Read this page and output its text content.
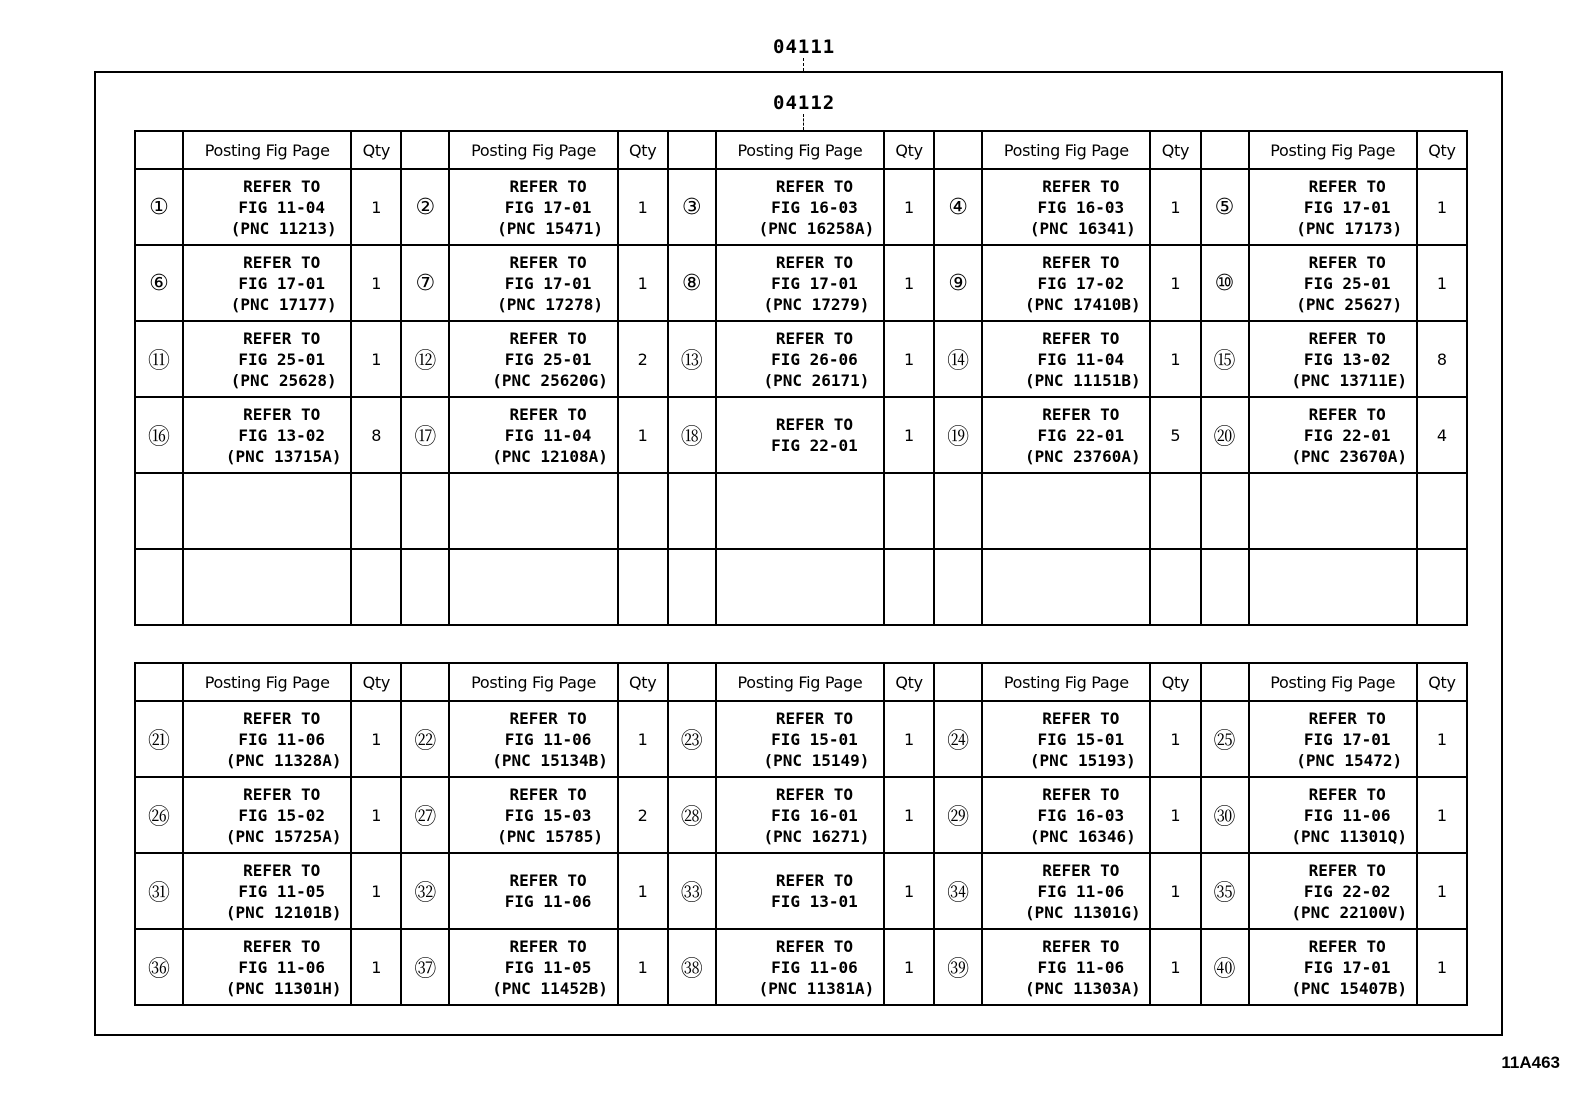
04111
04112
	Posting Fig Page	Qty		Posting Fig Page	Qty		Posting Fig Page	Qty		Posting Fig Page	Qty		Posting Fig Page	Qty
①	REFER TO
FIG 11-04
(PNC 11213)	1	②	REFER TO
FIG 17-01
(PNC 15471)	1	③	REFER TO
FIG 16-03
(PNC 16258A)	1	④	REFER TO
FIG 16-03
(PNC 16341)	1	⑤	REFER TO
FIG 17-01
(PNC 17173)	1
⑥	REFER TO
FIG 17-01
(PNC 17177)	1	⑦	REFER TO
FIG 17-01
(PNC 17278)	1	⑧	REFER TO
FIG 17-01
(PNC 17279)	1	⑨	REFER TO
FIG 17-02
(PNC 17410B)	1	⑩	REFER TO
FIG 25-01
(PNC 25627)	1
⑪	REFER TO
FIG 25-01
(PNC 25628)	1	⑫	REFER TO
FIG 25-01
(PNC 25620G)	2	⑬	REFER TO
FIG 26-06
(PNC 26171)	1	⑭	REFER TO
FIG 11-04
(PNC 11151B)	1	⑮	REFER TO
FIG 13-02
(PNC 13711E)	8
⑯	REFER TO
FIG 13-02
(PNC 13715A)	8	⑰	REFER TO
FIG 11-04
(PNC 12108A)	1	⑱	REFER TO
FIG 22-01	1	⑲	REFER TO
FIG 22-01
(PNC 23760A)	5	⑳	REFER TO
FIG 22-01
(PNC 23670A)	4

	Posting Fig Page	Qty		Posting Fig Page	Qty		Posting Fig Page	Qty		Posting Fig Page	Qty		Posting Fig Page	Qty
㉑	REFER TO
FIG 11-06
(PNC 11328A)	1	㉒	REFER TO
FIG 11-06
(PNC 15134B)	1	㉓	REFER TO
FIG 15-01
(PNC 15149)	1	㉔	REFER TO
FIG 15-01
(PNC 15193)	1	㉕	REFER TO
FIG 17-01
(PNC 15472)	1
㉖	REFER TO
FIG 15-02
(PNC 15725A)	1	㉗	REFER TO
FIG 15-03
(PNC 15785)	2	㉘	REFER TO
FIG 16-01
(PNC 16271)	1	㉙	REFER TO
FIG 16-03
(PNC 16346)	1	㉚	REFER TO
FIG 11-06
(PNC 11301Q)	1
㉛	REFER TO
FIG 11-05
(PNC 12101B)	1	㉜	REFER TO
FIG 11-06	1	㉝	REFER TO
FIG 13-01	1	㉞	REFER TO
FIG 11-06
(PNC 11301G)	1	㉟	REFER TO
FIG 22-02
(PNC 22100V)	1
㊱	REFER TO
FIG 11-06
(PNC 11301H)	1	㊲	REFER TO
FIG 11-05
(PNC 11452B)	1	㊳	REFER TO
FIG 11-06
(PNC 11381A)	1	㊴	REFER TO
FIG 11-06
(PNC 11303A)	1	㊵	REFER TO
FIG 17-01
(PNC 15407B)	1
11A463
